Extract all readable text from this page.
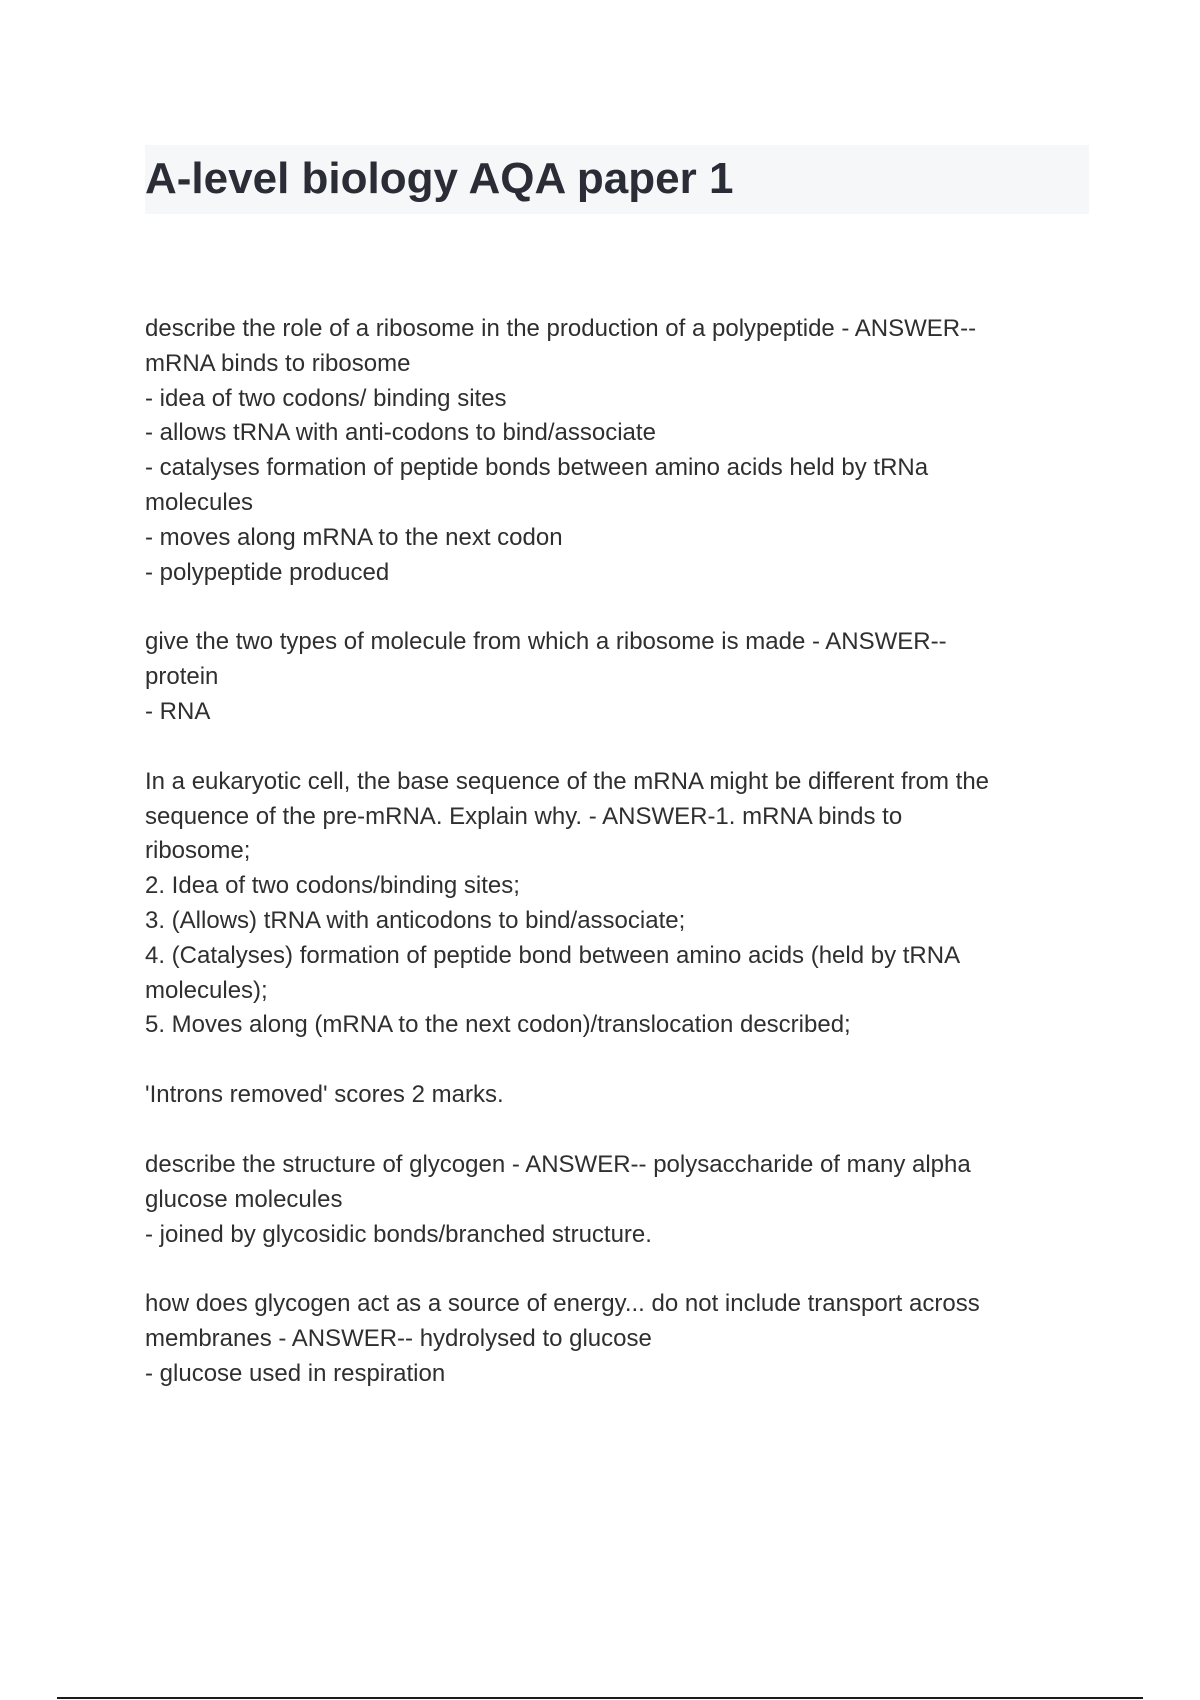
A-level biology AQA paper 1
describe the role of a ribosome in the production of a polypeptide - ANSWER--
mRNA binds to ribosome
- idea of two codons/ binding sites
- allows tRNA with anti-codons to bind/associate
- catalyses formation of peptide bonds between amino acids held by tRNa
molecules
- moves along mRNA to the next codon
- polypeptide produced
give the two types of molecule from which a ribosome is made - ANSWER--
protein
- RNA
In a eukaryotic cell, the base sequence of the mRNA might be different from the
sequence of the pre-mRNA. Explain why. - ANSWER-1. mRNA binds to
ribosome;
2. Idea of two codons/binding sites;
3. (Allows) tRNA with anticodons to bind/associate;
4. (Catalyses) formation of peptide bond between amino acids (held by tRNA
molecules);
5. Moves along (mRNA to the next codon)/translocation described;
'Introns removed' scores 2 marks.
describe the structure of glycogen - ANSWER-- polysaccharide of many alpha
glucose molecules
- joined by glycosidic bonds/branched structure.
how does glycogen act as a source of energy... do not include transport across
membranes - ANSWER-- hydrolysed to glucose
- glucose used in respiration
